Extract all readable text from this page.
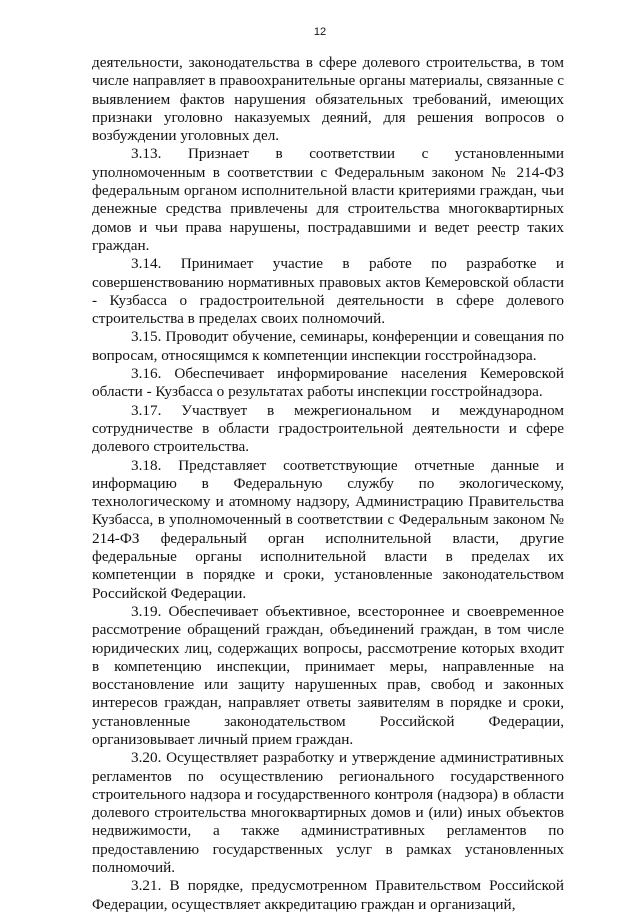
12

деятельности, законодательства в сфере долевого строительства, в том числе направляет в правоохранительные органы материалы, связанные с выявлением фактов нарушения обязательных требований, имеющих признаки уголовно наказуемых деяний, для решения вопросов о возбуждении уголовных дел.

3.13. Признает в соответствии с установленными уполномоченным в соответствии с Федеральным законом № 214-ФЗ федеральным органом исполнительной власти критериями граждан, чьи денежные средства привлечены для строительства многоквартирных домов и чьи права нарушены, пострадавшими и ведет реестр таких граждан.

3.14. Принимает участие в работе по разработке и совершенствованию нормативных правовых актов Кемеровской области - Кузбасса о градостроительной деятельности в сфере долевого строительства в пределах своих полномочий.

3.15. Проводит обучение, семинары, конференции и совещания по вопросам, относящимся к компетенции инспекции госстройнадзора.

3.16. Обеспечивает информирование населения Кемеровской области - Кузбасса о результатах работы инспекции госстройнадзора.

3.17. Участвует в межрегиональном и международном сотрудничестве в области градостроительной деятельности и сфере долевого строительства.

3.18. Представляет соответствующие отчетные данные и информацию в Федеральную службу по экологическому, технологическому и атомному надзору, Администрацию Правительства Кузбасса, в уполномоченный в соответствии с Федеральным законом № 214-ФЗ федеральный орган исполнительной власти, другие федеральные органы исполнительной власти в пределах их компетенции в порядке и сроки, установленные законодательством Российской Федерации.

3.19. Обеспечивает объективное, всестороннее и своевременное рассмотрение обращений граждан, объединений граждан, в том числе юридических лиц, содержащих вопросы, рассмотрение которых входит в компетенцию инспекции, принимает меры, направленные на восстановление или защиту нарушенных прав, свобод и законных интересов граждан, направляет ответы заявителям в порядке и сроки, установленные законодательством Российской Федерации, организовывает личный прием граждан.

3.20. Осуществляет разработку и утверждение административных регламентов по осуществлению регионального государственного строительного надзора и государственного контроля (надзора) в области долевого строительства многоквартирных домов и (или) иных объектов недвижимости, а также административных регламентов по предоставлению государственных услуг в рамках установленных полномочий.

3.21. В порядке, предусмотренном Правительством Российской Федерации, осуществляет аккредитацию граждан и организаций,
